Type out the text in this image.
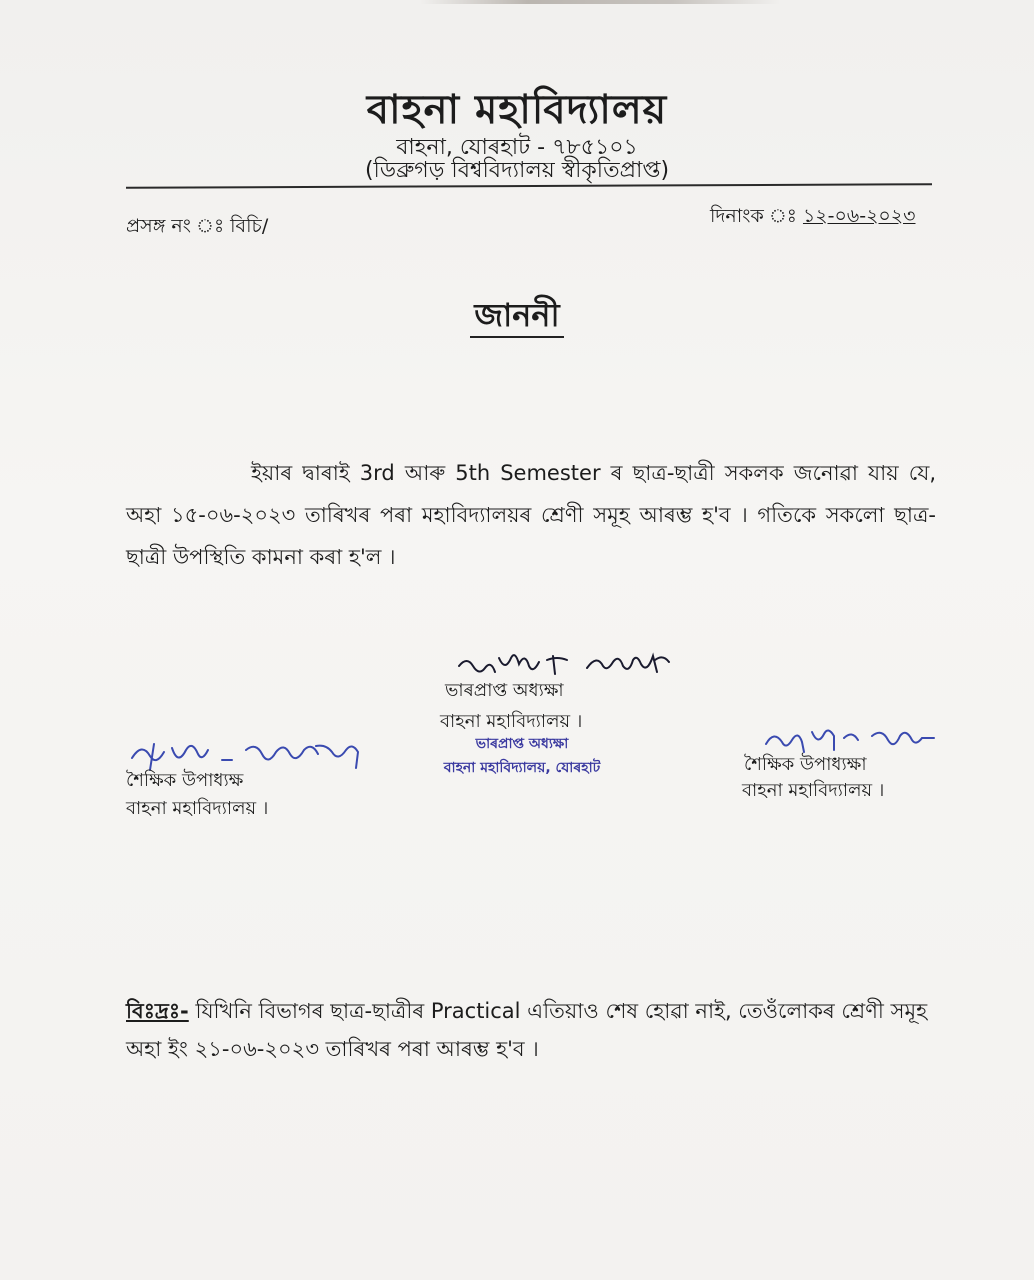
বাহনা মহাবিদ্যালয়
বাহনা, যোৰহাট - ৭৮৫১০১
(ডিব্রুগড় বিশ্ববিদ্যালয় স্বীকৃতিপ্রাপ্ত)
প্ৰসঙ্গ নং ঃ বিচি/	দিনাংক ঃ ১২-০৬-২০২৩
জাননী
ইয়াৰ দ্বাৰাই 3rd আৰু 5th Semester ৰ ছাত্ৰ-ছাত্ৰী সকলক জনোৱা যায় যে, অহা ১৫-০৬-২০২৩ তাৰিখৰ পৰা মহাবিদ্যালয়ৰ শ্ৰেণী সমূহ আৰম্ভ হ'ব । গতিকে সকলো ছাত্ৰ-ছাত্ৰী উপস্থিতি কামনা কৰা হ'ল ।
ভাৰপ্ৰাপ্ত অধ্যক্ষা
বাহনা মহাবিদ্যালয় ।
ভাৰপ্ৰাপ্ত অধ্যক্ষা
বাহনা মহাবিদ্যালয়, যোৰহাট
শৈক্ষিক উপাধ্যক্ষ
বাহনা মহাবিদ্যালয় ।
শৈক্ষিক উপাধ্যক্ষা
বাহনা মহাবিদ্যালয় ।
বিঃদ্রঃ- যিখিনি বিভাগৰ ছাত্ৰ-ছাত্ৰীৰ Practical এতিয়াও শেষ হোৱা নাই, তেওঁলোকৰ শ্ৰেণী সমূহ অহা ইং ২১-০৬-২০২৩ তাৰিখৰ পৰা আৰম্ভ হ'ব ।
